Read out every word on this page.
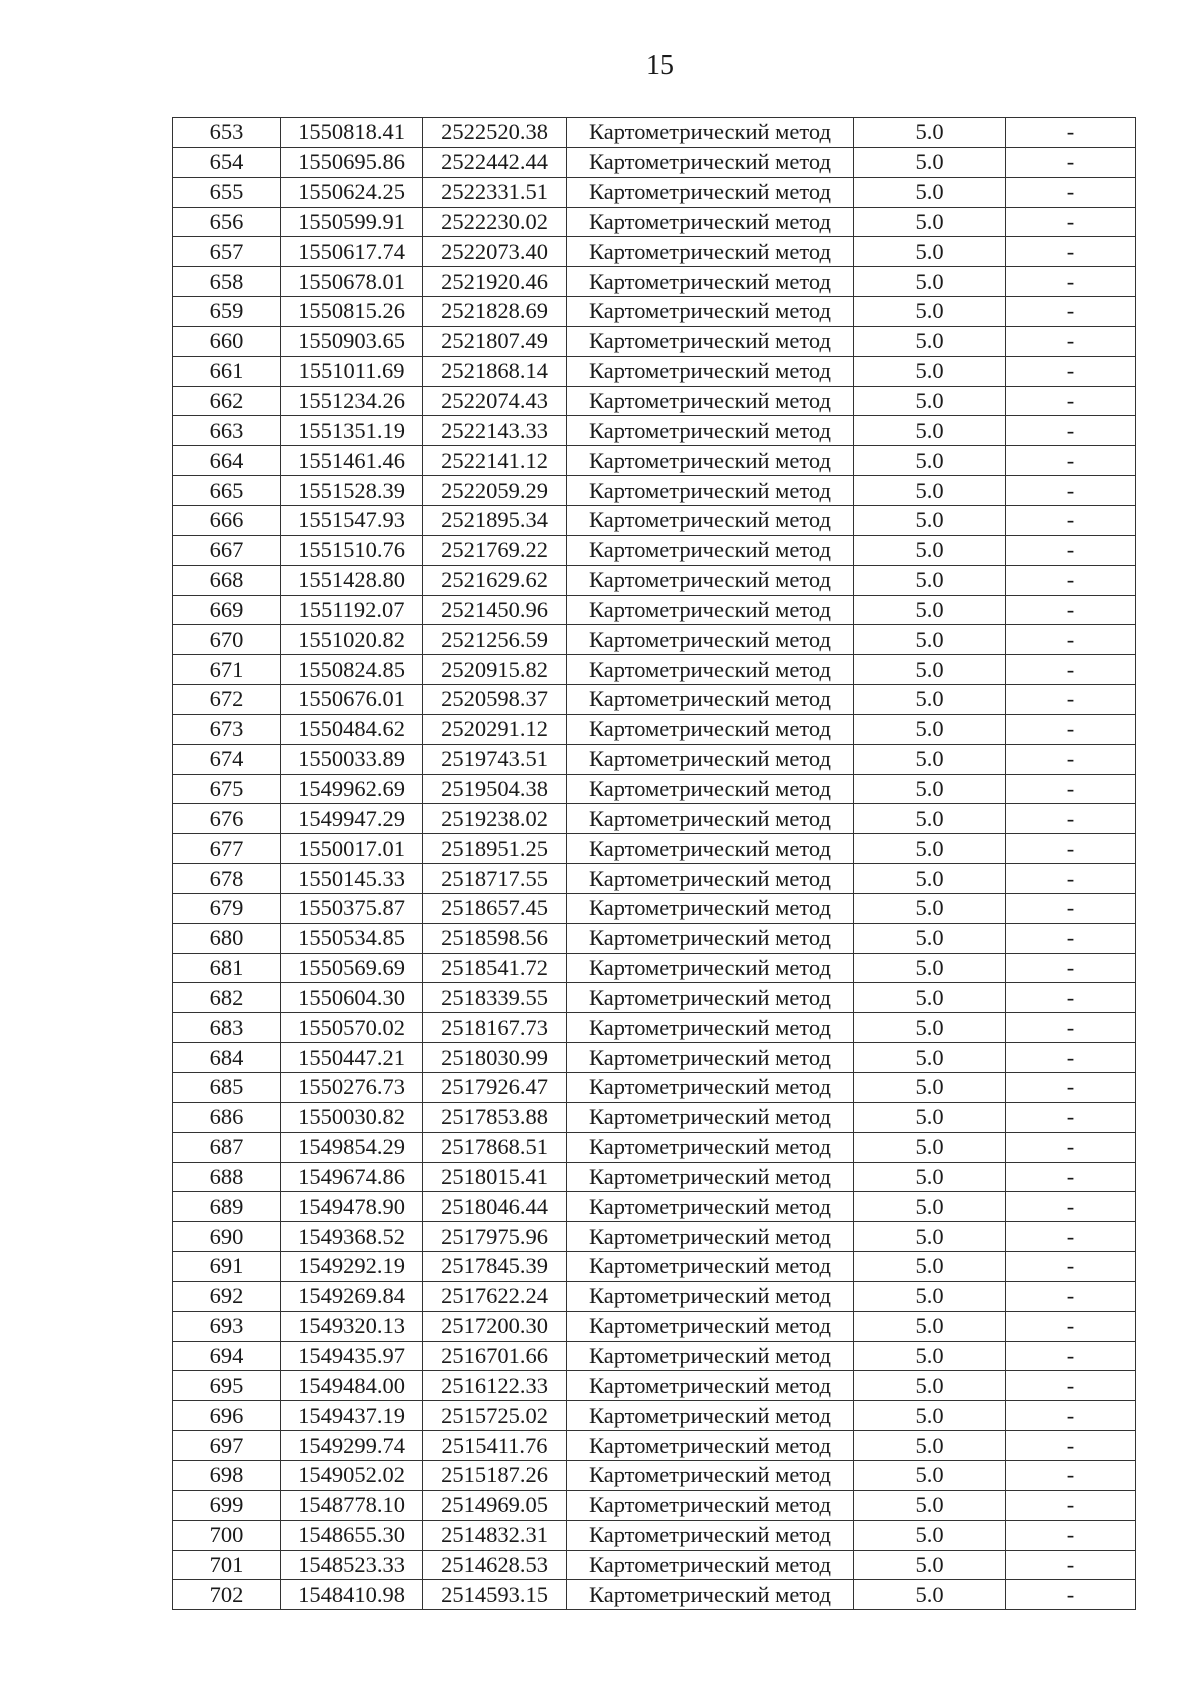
15
653	1550818.41	2522520.38	Картометрический метод	5.0	-
654	1550695.86	2522442.44	Картометрический метод	5.0	-
655	1550624.25	2522331.51	Картометрический метод	5.0	-
656	1550599.91	2522230.02	Картометрический метод	5.0	-
657	1550617.74	2522073.40	Картометрический метод	5.0	-
658	1550678.01	2521920.46	Картометрический метод	5.0	-
659	1550815.26	2521828.69	Картометрический метод	5.0	-
660	1550903.65	2521807.49	Картометрический метод	5.0	-
661	1551011.69	2521868.14	Картометрический метод	5.0	-
662	1551234.26	2522074.43	Картометрический метод	5.0	-
663	1551351.19	2522143.33	Картометрический метод	5.0	-
664	1551461.46	2522141.12	Картометрический метод	5.0	-
665	1551528.39	2522059.29	Картометрический метод	5.0	-
666	1551547.93	2521895.34	Картометрический метод	5.0	-
667	1551510.76	2521769.22	Картометрический метод	5.0	-
668	1551428.80	2521629.62	Картометрический метод	5.0	-
669	1551192.07	2521450.96	Картометрический метод	5.0	-
670	1551020.82	2521256.59	Картометрический метод	5.0	-
671	1550824.85	2520915.82	Картометрический метод	5.0	-
672	1550676.01	2520598.37	Картометрический метод	5.0	-
673	1550484.62	2520291.12	Картометрический метод	5.0	-
674	1550033.89	2519743.51	Картометрический метод	5.0	-
675	1549962.69	2519504.38	Картометрический метод	5.0	-
676	1549947.29	2519238.02	Картометрический метод	5.0	-
677	1550017.01	2518951.25	Картометрический метод	5.0	-
678	1550145.33	2518717.55	Картометрический метод	5.0	-
679	1550375.87	2518657.45	Картометрический метод	5.0	-
680	1550534.85	2518598.56	Картометрический метод	5.0	-
681	1550569.69	2518541.72	Картометрический метод	5.0	-
682	1550604.30	2518339.55	Картометрический метод	5.0	-
683	1550570.02	2518167.73	Картометрический метод	5.0	-
684	1550447.21	2518030.99	Картометрический метод	5.0	-
685	1550276.73	2517926.47	Картометрический метод	5.0	-
686	1550030.82	2517853.88	Картометрический метод	5.0	-
687	1549854.29	2517868.51	Картометрический метод	5.0	-
688	1549674.86	2518015.41	Картометрический метод	5.0	-
689	1549478.90	2518046.44	Картометрический метод	5.0	-
690	1549368.52	2517975.96	Картометрический метод	5.0	-
691	1549292.19	2517845.39	Картометрический метод	5.0	-
692	1549269.84	2517622.24	Картометрический метод	5.0	-
693	1549320.13	2517200.30	Картометрический метод	5.0	-
694	1549435.97	2516701.66	Картометрический метод	5.0	-
695	1549484.00	2516122.33	Картометрический метод	5.0	-
696	1549437.19	2515725.02	Картометрический метод	5.0	-
697	1549299.74	2515411.76	Картометрический метод	5.0	-
698	1549052.02	2515187.26	Картометрический метод	5.0	-
699	1548778.10	2514969.05	Картометрический метод	5.0	-
700	1548655.30	2514832.31	Картометрический метод	5.0	-
701	1548523.33	2514628.53	Картометрический метод	5.0	-
702	1548410.98	2514593.15	Картометрический метод	5.0	-
